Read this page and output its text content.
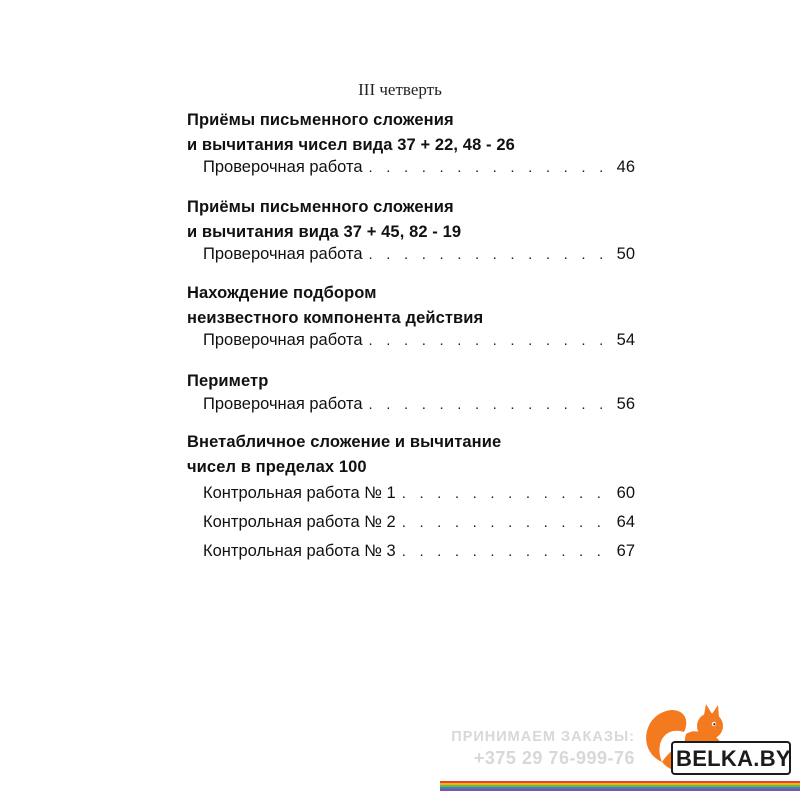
III четверть
Приёмы письменного сложения
и вычитания чисел вида 37 + 22, 48 - 26
Проверочная работа . . .	46
Приёмы письменного сложения
и вычитания вида 37 + 45, 82 - 19
Проверочная работа . . .	50
Нахождение подбором
неизвестного компонента действия
Проверочная работа . . .	54
Периметр
Проверочная работа . . .	56
Внетабличное сложение и вычитание
чисел в пределах 100
Контрольная работа № 1 . . .	60
Контрольная работа № 2 . . .	64
Контрольная работа № 3 . . .	67
ПРИНИМАЕМ ЗАКАЗЫ:
+375 29 76-999-76 BELKA.BY
